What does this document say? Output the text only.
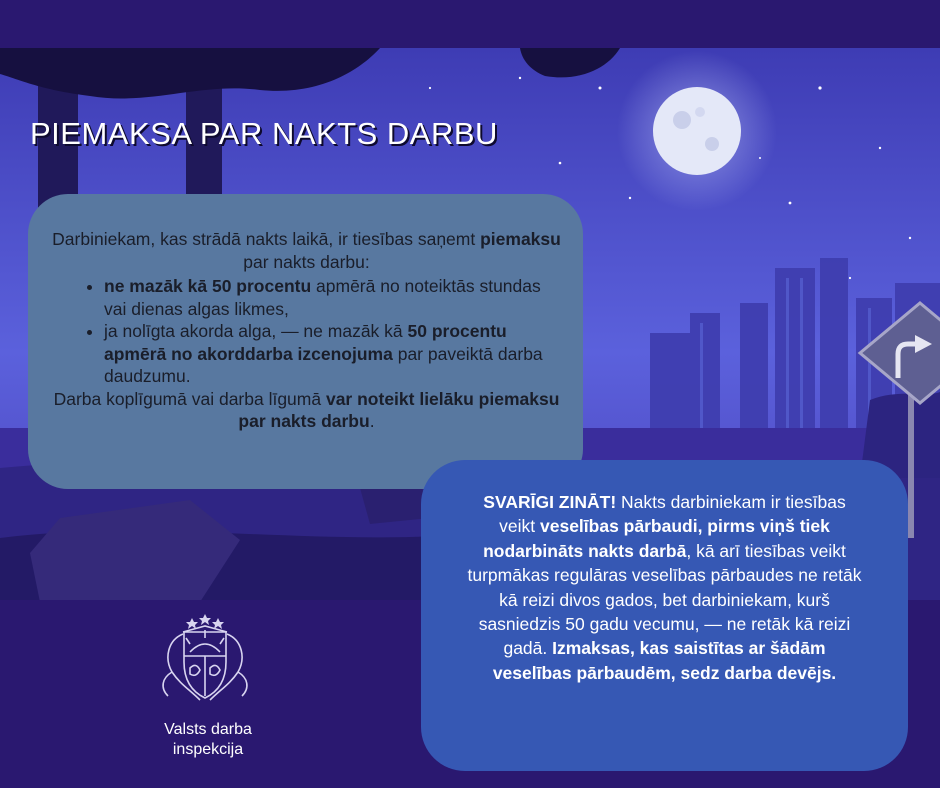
PIEMAKSA PAR NAKTS DARBU

Darbiniekam, kas strādā nakts laikā, ir tiesības saņemt piemaksu par nakts darbu:

• ne mazāk kā 50 procentu apmērā no noteiktās stundas vai dienas algas likmes,
• ja nolīgta akorda alga, — ne mazāk kā 50 procentu apmērā no akorddarba izcenojuma par paveiktā darba daudzumu.

Darba koplīgumā vai darba līgumā var noteikt lielāku piemaksu par nakts darbu.

SVARĪGI ZINĀT! Nakts darbiniekam ir tiesības veikt veselības pārbaudi, pirms viņš tiek nodarbināts nakts darbā, kā arī tiesības veikt turpmākas regulāras veselības pārbaudes ne retāk kā reizi divos gados, bet darbiniekam, kurš sasniedzis 50 gadu vecumu, — ne retāk kā reizi gadā. Izmaksas, kas saistītas ar šādām veselības pārbaudēm, sedz darba devējs.

Valsts darba
inspekcija
